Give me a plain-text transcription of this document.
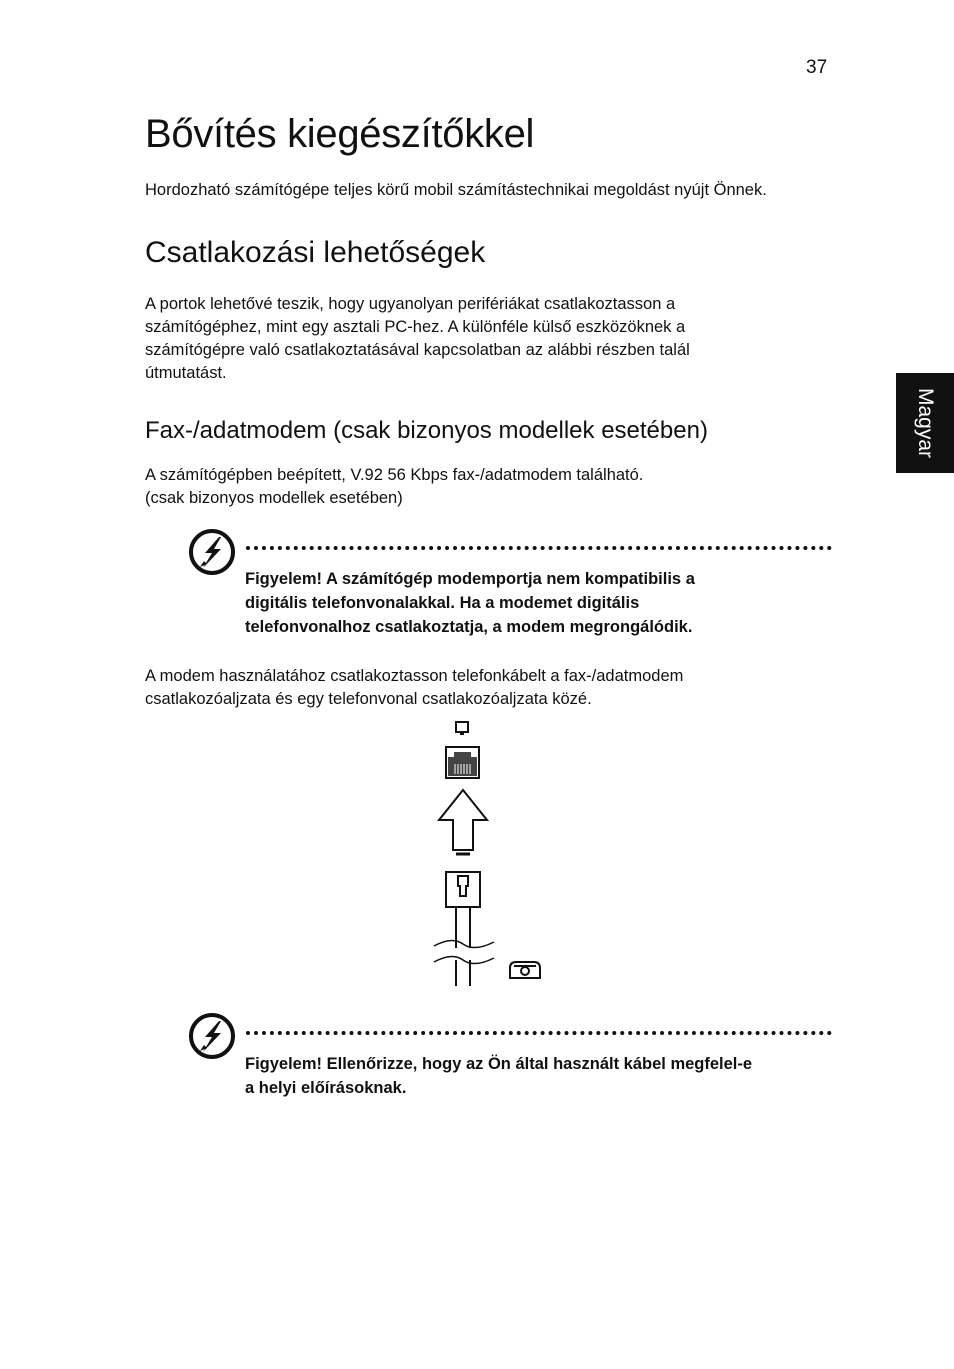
37
Magyar
Bővítés kiegészítőkkel

Hordozható számítógépe teljes körű mobil számítástechnikai megoldást nyújt Önnek.

Csatlakozási lehetőségek

A portok lehetővé teszik, hogy ugyanolyan perifériákat csatlakoztasson a
számítógéphez, mint egy asztali PC-hez. A különféle külső eszközöknek a
számítógépre való csatlakoztatásával kapcsolatban az alábbi részben talál
útmutatást.

Fax-/adatmodem (csak bizonyos modellek esetében)

A számítógépben beépített, V.92 56 Kbps fax-/adatmodem található.
(csak bizonyos modellek esetében)

Figyelem! A számítógép modemportja nem kompatibilis a
digitális telefonvonalakkal. Ha a modemet digitális
telefonvonalhoz csatlakoztatja, a modem megrongálódik.

A modem használatához csatlakoztasson telefonkábelt a fax-/adatmodem
csatlakozóaljzata és egy telefonvonal csatlakozóaljzata közé.

Figyelem! Ellenőrizze, hogy az Ön által használt kábel megfelel-e
a helyi előírásoknak.
